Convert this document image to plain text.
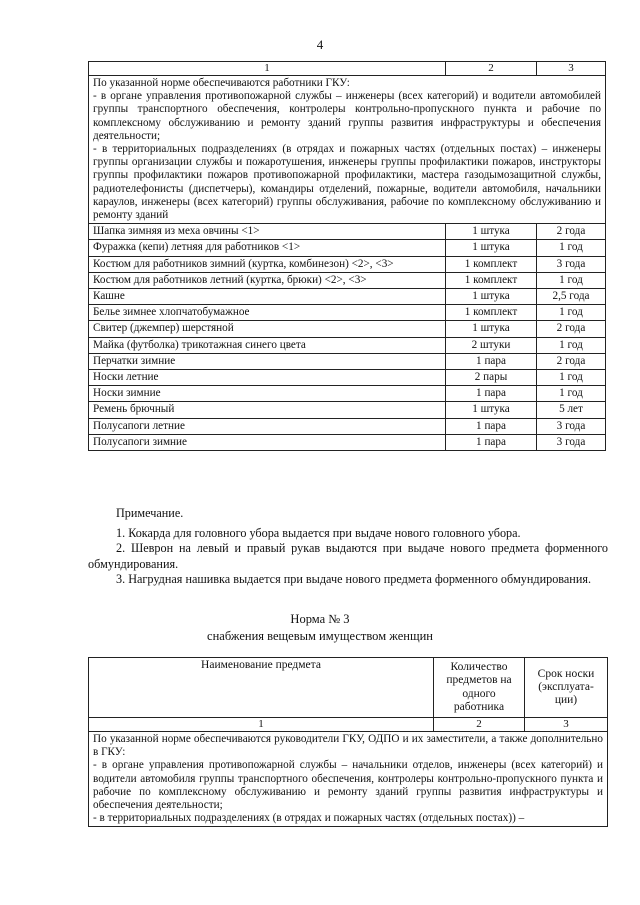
4
1	2	3
По указанной норме обеспечиваются работники ГКУ:
- в органе управления противопожарной службы – инженеры (всех категорий) и водители автомобилей группы транспортного обеспечения, контролеры контрольно-пропускного пункта и рабочие по комплексному обслуживанию и ремонту зданий группы развития инфраструктуры и обеспечения деятельности;
- в территориальных подразделениях (в отрядах и пожарных частях (отдельных постах) – инженеры группы организации службы и пожаротушения, инженеры группы профилактики пожаров, инструкторы группы профилактики пожаров противопожарной профилактики, мастера газодымозащитной службы, радиотелефонисты (диспетчеры), командиры отделений, пожарные, водители автомобиля, начальники караулов, инженеры (всех категорий) группы обслуживания, рабочие по комплексному обслуживанию и ремонту зданий		
Шапка зимняя из меха овчины <1>	1 штука	2 года
Фуражка (кепи) летняя для работников <1>	1 штука	1 год
Костюм для работников зимний (куртка, комбинезон) <2>, <3>	1 комплект	3 года
Костюм для работников летний (куртка, брюки) <2>, <3>	1 комплект	1 год
Кашне	1 штука	2,5 года
Белье зимнее хлопчатобумажное	1 комплект	1 год
Свитер (джемпер) шерстяной	1 штука	2 года
Майка (футболка) трикотажная синего цвета	2 штуки	1 год
Перчатки зимние	1 пара	2 года
Носки летние	2 пары	1 год
Носки зимние	1 пара	1 год
Ремень брючный	1 штука	5 лет
Полусапоги летние	1 пара	3 года
Полусапоги зимние	1 пара	3 года

Примечание.

1. Кокарда для головного убора выдается при выдаче нового головного убора.

2. Шеврон на левый и правый рукав выдаются при выдаче нового предмета форменного обмундирования.

3. Нагрудная нашивка выдается при выдаче нового предмета форменного обмундирования.

Норма № 3
снабжения вещевым имуществом женщин
Наименование предмета	Количество предметов на одного работника	Срок носки (эксплуата-ции)
1	2	3
По указанной норме обеспечиваются руководители ГКУ, ОДПО и их заместители, а также дополнительно в ГКУ:
- в органе управления противопожарной службы – начальники отделов, инженеры (всех категорий) и водители автомобиля группы транспортного обеспечения, контролеры контрольно-пропускного пункта и рабочие по комплексному обслуживанию и ремонту зданий группы развития инфраструктуры и обеспечения деятельности;
- в территориальных подразделениях (в отрядах и пожарных частях (отдельных постах)) –		
